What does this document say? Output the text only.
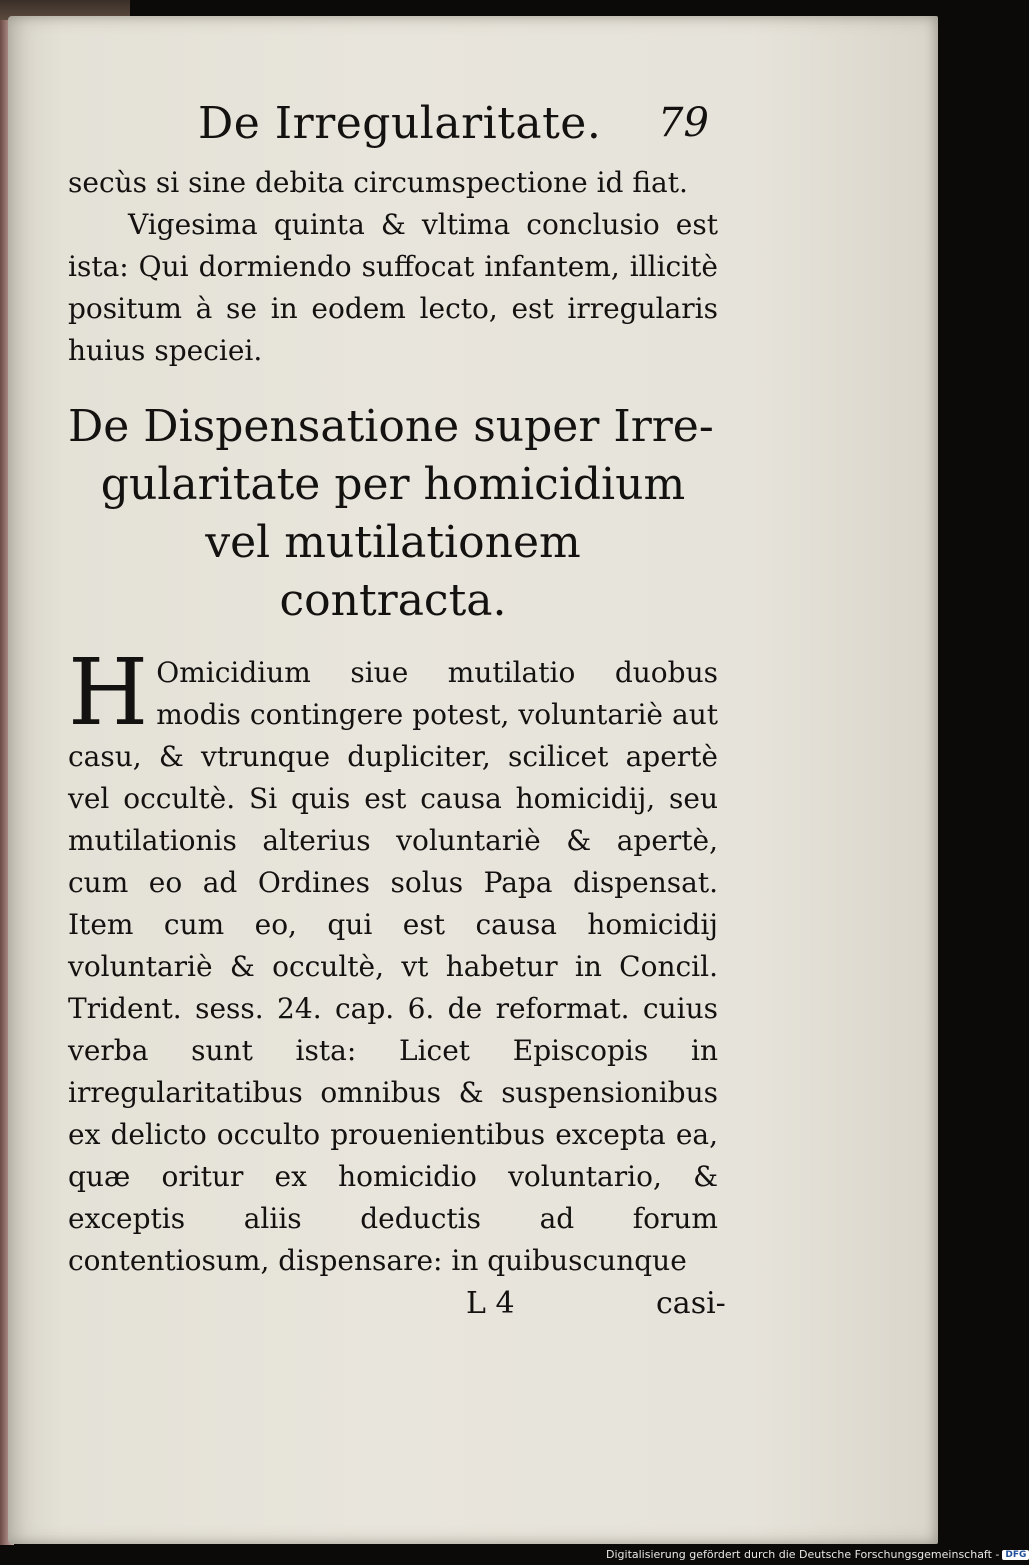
De Irregularitate. 79

secùs si sine debita circumspectione id fiat.

Vigesima quinta & vltima conclusio est ista: Qui dormiendo suffocat infantem, illicitè positum à se in eodem lecto, est irregularis huius speciei.

De Dispensatione super Irre-
gularitate per homicidium
vel mutilationem
contracta.

H Omicidium siue mutilatio duobus modis contingere potest, voluntariè aut casu, & vtrunque dupliciter, scilicet apertè vel occultè. Si quis est causa homicidij, seu mutilationis alterius voluntariè & apertè, cum eo ad Ordines solus Papa dispensat. Item cum eo, qui est causa homicidij voluntariè & occultè, vt habetur in Concil. Trident. sess. 24. cap. 6. de reformat. cuius verba sunt ista: Licet Episcopis in irregularitatibus omnibus & suspensionibus ex delicto occulto prouenientibus excepta ea, quæ oritur ex homicidio voluntario, & exceptis aliis deductis ad forum contentiosum, dispensare: in quibuscunque

L 4	casi-
Digitalisierung gefördert durch die Deutsche Forschungsgemeinschaft - DFG
